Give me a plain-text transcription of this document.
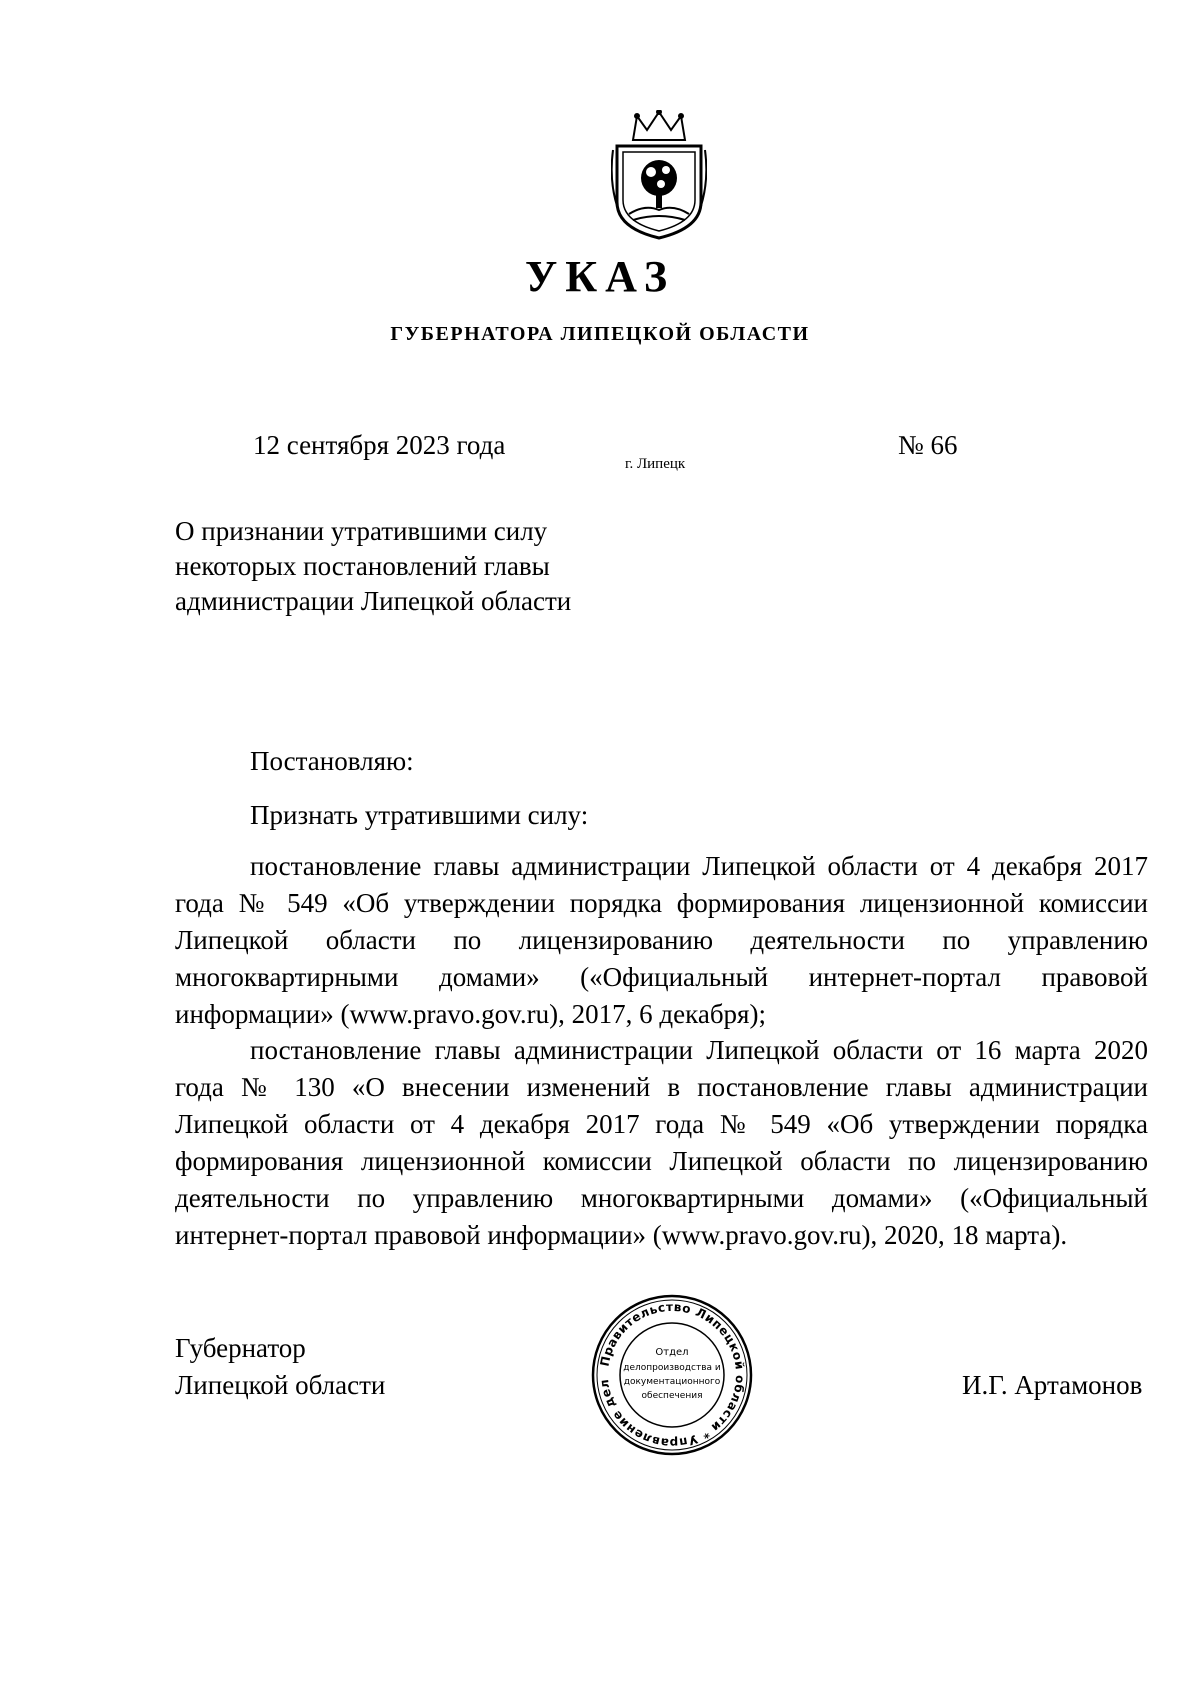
УКАЗ
ГУБЕРНАТОРА ЛИПЕЦКОЙ ОБЛАСТИ
12 сентября 2023 года
г. Липецк
№ 66
О признании утратившими силу
некоторых постановлений главы
администрации Липецкой области
Постановляю:
Признать утратившими силу:
постановление главы администрации Липецкой области от 4 декабря 2017 года № 549 «Об утверждении порядка формирования лицензионной комиссии Липецкой области по лицензированию деятельности по управлению многоквартирными домами» («Официальный интернет-портал правовой информации» (www.pravo.gov.ru), 2017, 6 декабря);
постановление главы администрации Липецкой области от 16 марта 2020 года № 130 «О внесении изменений в постановление главы администрации Липецкой области от 4 декабря 2017 года № 549 «Об утверждении порядка формирования лицензионной комиссии Липецкой области по лицензированию деятельности по управлению многоквартирными домами» («Официальный интернет-портал правовой информации» (www.pravo.gov.ru), 2020, 18 марта).
Губернатор
Липецкой области
Правительство Липецкой области * Управление дел
Отдел
делопроизводства и
документационного
обеспечения	И.Г. Артамонов
